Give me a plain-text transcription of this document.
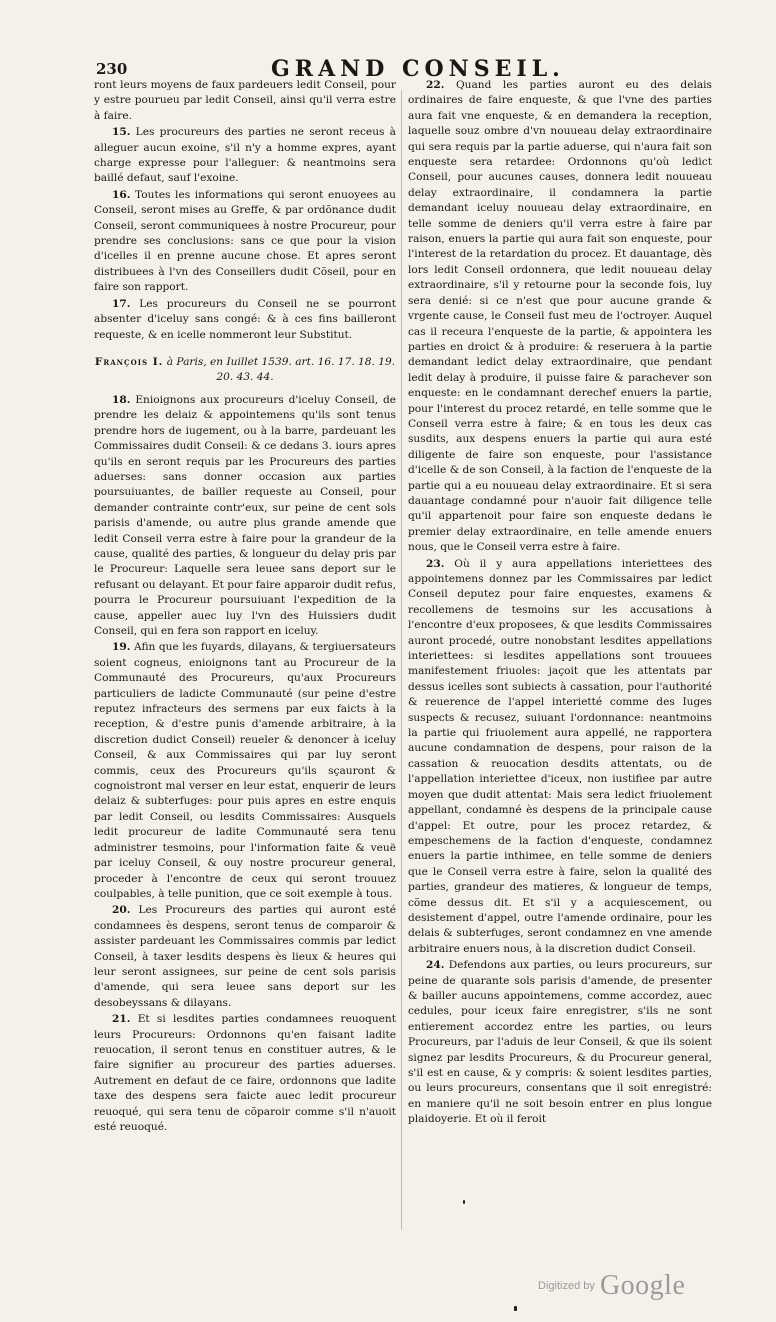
230	GRAND CONSEIL.

ront leurs moyens de faux pardeuers ledit Conseil, pour y estre pourueu par ledit Conseil, ainsi qu'il verra estre à faire.

15. Les procureurs des parties ne seront receus à alleguer aucun exoine, s'il n'y a homme expres, ayant charge expresse pour l'alleguer: & neantmoins sera baillé defaut, sauf l'exoine.

16. Toutes les informations qui seront enuoyees au Conseil, seront mises au Greffe, & par ordõnance dudit Conseil, seront communiquees à nostre Procureur, pour prendre ses conclusions: sans ce que pour la vision d'icelles il en prenne aucune chose. Et apres seront distribuees à l'vn des Conseillers dudit Cõseil, pour en faire son rapport.

17. Les procureurs du Conseil ne se pourront absenter d'iceluy sans congé: & à ces fins bailleront requeste, & en icelle nommeront leur Substitut.

François I. à Paris, en Iuillet 1539. art. 16. 17. 18. 19. 20. 43. 44.

18. Enioignons aux procureurs d'iceluy Conseil, de prendre les delaiz & appointemens qu'ils sont tenus prendre hors de iugement, ou à la barre, pardeuant les Commissaires dudit Conseil: & ce dedans 3. iours apres qu'ils en seront requis par les Procureurs des parties aduerses: sans donner occasion aux parties poursuiuantes, de bailler requeste au Conseil, pour demander contrainte contr'eux, sur peine de cent sols parisis d'amende, ou autre plus grande amende que ledit Conseil verra estre à faire pour la grandeur de la cause, qualité des parties, & longueur du delay pris par le Procureur: Laquelle sera leuee sans deport sur le refusant ou delayant. Et pour faire apparoir dudit refus, pourra le Procureur poursuiuant l'expedition de la cause, appeller auec luy l'vn des Huissiers dudit Conseil, qui en fera son rapport en iceluy.

19. Afin que les fuyards, dilayans, & tergiuersateurs soient cogneus, enioignons tant au Procureur de la Communauté des Procureurs, qu'aux Procureurs particuliers de ladicte Communauté (sur peine d'estre reputez infracteurs des sermens par eux faicts à la reception, & d'estre punis d'amende arbitraire, à la discretion dudict Conseil) reueler & denoncer à iceluy Conseil, & aux Commissaires qui par luy seront commis, ceux des Procureurs qu'ils sçauront & cognoistront mal verser en leur estat, enquerir de leurs delaiz & subterfuges: pour puis apres en estre enquis par ledit Conseil, ou lesdits Commissaires: Ausquels ledit procureur de ladite Communauté sera tenu administrer tesmoins, pour l'information faite & veuë par iceluy Conseil, & ouy nostre procureur general, proceder à l'encontre de ceux qui seront trouuez coulpables, à telle punition, que ce soit exemple à tous.

20. Les Procureurs des parties qui auront esté condamnees ès despens, seront tenus de comparoir & assister pardeuant les Commissaires commis par ledict Conseil, à taxer lesdits despens ès lieux & heures qui leur seront assignees, sur peine de cent sols parisis d'amende, qui sera leuee sans deport sur les desobeyssans & dilayans.

21. Et si lesdites parties condamnees reuoquent leurs Procureurs: Ordonnons qu'en faisant ladite reuocation, il seront tenus en constituer autres, & le faire signifier au procureur des parties aduerses. Autrement en defaut de ce faire, ordonnons que ladite taxe des despens sera faicte auec ledit procureur reuoqué, qui sera tenu de cõparoir comme s'il n'auoit esté reuoqué.

22. Quand les parties auront eu des delais ordinaires de faire enqueste, & que l'vne des parties aura fait vne enqueste, & en demandera la reception, laquelle souz ombre d'vn nouueau delay extraordinaire qui sera requis par la partie aduerse, qui n'aura fait son enqueste sera retardee: Ordonnons qu'où ledict Conseil, pour aucunes causes, donnera ledit nouueau delay extraordinaire, il condamnera la partie demandant iceluy nouueau delay extraordinaire, en telle somme de deniers qu'il verra estre à faire par raison, enuers la partie qui aura fait son enqueste, pour l'interest de la retardation du procez. Et dauantage, dès lors ledit Conseil ordonnera, que ledit nouueau delay extraordinaire, s'il y retourne pour la seconde fois, luy sera denié: si ce n'est que pour aucune grande & vrgente cause, le Conseil fust meu de l'octroyer. Auquel cas il receura l'enqueste de la partie, & appointera les parties en droict & à produire: & reseruera à la partie demandant ledict delay extraordinaire, que pendant ledit delay à produire, il puisse faire & parachever son enqueste: en le condamnant derechef enuers la partie, pour l'interest du procez retardé, en telle somme que le Conseil verra estre à faire; & en tous les deux cas susdits, aux despens enuers la partie qui aura esté diligente de faire son enqueste, pour l'assistance d'icelle & de son Conseil, à la faction de l'enqueste de la partie qui a eu nouueau delay extraordinaire. Et si sera dauantage condamné pour n'auoir fait diligence telle qu'il appartenoit pour faire son enqueste dedans le premier delay extraordinaire, en telle amende enuers nous, que le Conseil verra estre à faire.

23. Où il y aura appellations interiettees des appointemens donnez par les Commissaires par ledict Conseil deputez pour faire enquestes, examens & recollemens de tesmoins sur les accusations à l'encontre d'eux proposees, & que lesdits Commissaires auront procedé, outre nonobstant lesdites appellations interiettees: si lesdites appellations sont trouuees manifestement friuoles: jaçoit que les attentats par dessus icelles sont subiects à cassation, pour l'authorité & reuerence de l'appel interietté comme des Iuges suspects & recusez, suiuant l'ordonnance: neantmoins la partie qui friuolement aura appellé, ne rapportera aucune condamnation de despens, pour raison de la cassation & reuocation desdits attentats, ou de l'appellation interiettee d'iceux, non iustifiee par autre moyen que dudit attentat: Mais sera ledict friuolement appellant, condamné ès despens de la principale cause d'appel: Et outre, pour les procez retardez, & empeschemens de la faction d'enqueste, condamnez enuers la partie inthimee, en telle somme de deniers que le Conseil verra estre à faire, selon la qualité des parties, grandeur des matieres, & longueur de temps, cõme dessus dit. Et s'il y a acquiescement, ou desistement d'appel, outre l'amende ordinaire, pour les delais & subterfuges, seront condamnez en vne amende arbitraire enuers nous, à la discretion dudict Conseil.

24. Defendons aux parties, ou leurs procureurs, sur peine de quarante sols parisis d'amende, de presenter & bailler aucuns appointemens, comme accordez, auec cedules, pour iceux faire enregistrer, s'ils ne sont entierement accordez entre les parties, ou leurs Procureurs, par l'aduis de leur Conseil, & que ils soient signez par lesdits Procureurs, & du Procureur general, s'il est en cause, & y compris: & soient lesdites parties, ou leurs procureurs, consentans que il soit enregistré: en maniere qu'il ne soit besoin entrer en plus longue plaidoyerie. Et où il feroit

Digitized by Google
